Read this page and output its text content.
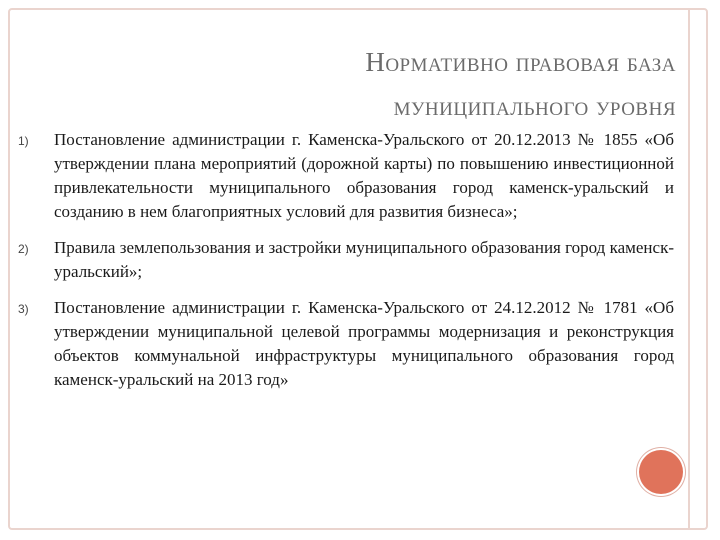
Нормативно правовая база
муниципального уровня
1) Постановление администрации г. Каменска-Уральского от 20.12.2013 № 1855 «Об утверждении плана мероприятий (дорожной карты) по повышению инвестиционной привлекательности муниципального образования город каменск-уральский и созданию в нем благоприятных условий для развития бизнеса»;
2) Правила землепользования и застройки муниципального образования город каменск-уральский»;
3) Постановление администрации г. Каменска-Уральского от 24.12.2012 № 1781 «Об утверждении муниципальной целевой программы модернизация и реконструкция объектов коммунальной инфраструктуры муниципального образования город каменск-уральский на 2013 год»
